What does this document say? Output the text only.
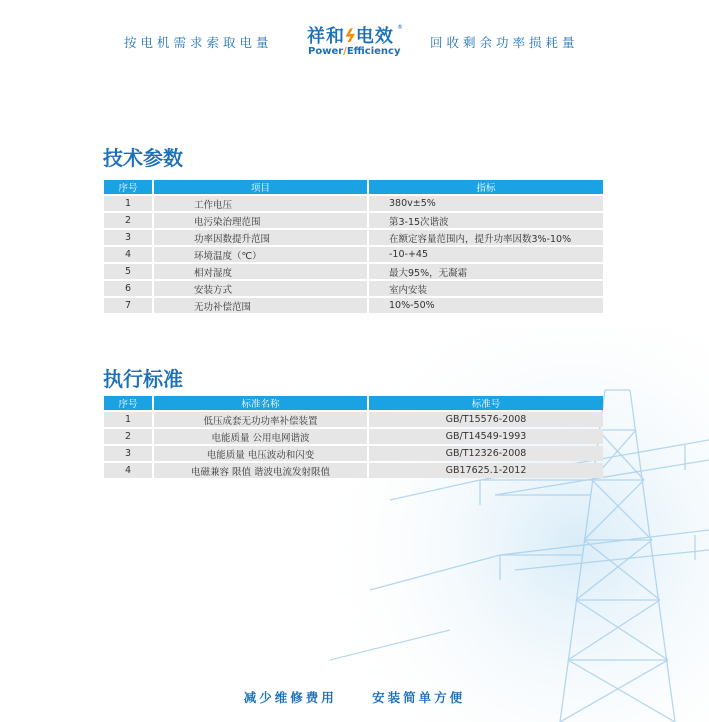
按电机需求索取电量 祥和ϟ电效 ®
Power/Efficiency
回收剩余功率损耗量
技术参数
序号	项目	指标
1	工作电压	380v±5%
2	电污染治理范围	第3-15次谐波
3	功率因数提升范围	在额定容量范围内，提升功率因数3%-10%
4	环境温度（℃）	-10-+45
5	相对湿度	最大95%，无凝霜
6	安装方式	室内安装
7	无功补偿范围	10%-50%
执行标准
序号	标准名称	标准号
1	低压成套无功功率补偿装置	GB/T15576-2008
2	电能质量 公用电网谐波	GB/T14549-1993
3	电能质量 电压波动和闪变	GB/T12326-2008
4	电磁兼容 限值 谐波电流发射限值	GB17625.1-2012
减少维修费用	安装简单方便
